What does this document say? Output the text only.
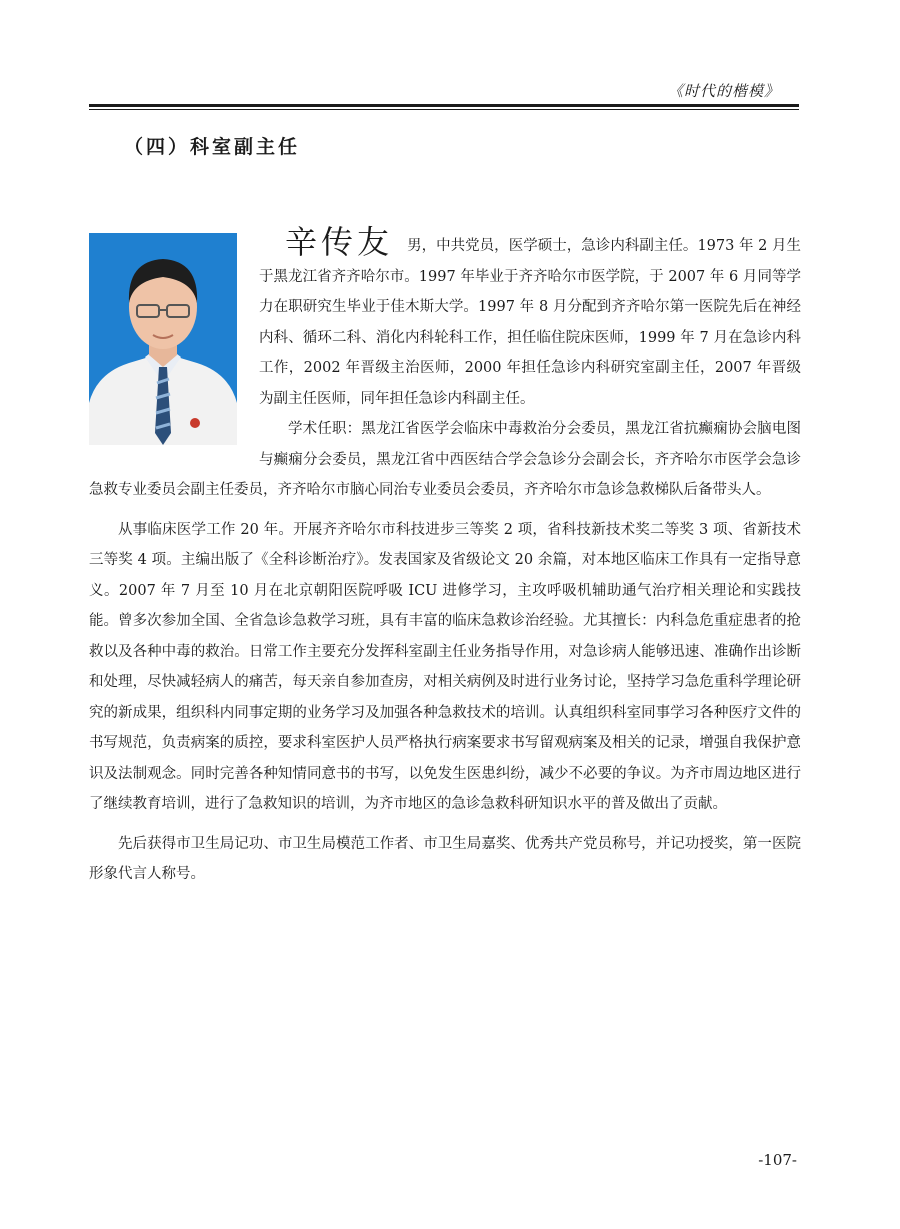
《时代的楷模》
（四）科室副主任

辛传友 男，中共党员，医学硕士，急诊内科副主任。1973 年 2 月生于黑龙江省齐齐哈尔市。1997 年毕业于齐齐哈尔市医学院，于 2007 年 6 月同等学力在职研究生毕业于佳木斯大学。1997 年 8 月分配到齐齐哈尔第一医院先后在神经内科、循环二科、消化内科轮科工作，担任临住院床医师，1999 年 7 月在急诊内科工作，2002 年晋级主治医师，2000 年担任急诊内科研究室副主任，2007 年晋级为副主任医师，同年担任急诊内科副主任。

学术任职：黑龙江省医学会临床中毒救治分会委员，黑龙江省抗癫痫协会脑电图与癫痫分会委员，黑龙江省中西医结合学会急诊分会副会长，齐齐哈尔市医学会急诊急救专业委员会副主任委员，齐齐哈尔市脑心同治专业委员会委员，齐齐哈尔市急诊急救梯队后备带头人。

从事临床医学工作 20 年。开展齐齐哈尔市科技进步三等奖 2 项，省科技新技术奖二等奖 3 项、省新技术三等奖 4 项。主编出版了《全科诊断治疗》。发表国家及省级论文 20 余篇，对本地区临床工作具有一定指导意义。2007 年 7 月至 10 月在北京朝阳医院呼吸 ICU 进修学习，主攻呼吸机辅助通气治疗相关理论和实践技能。曾多次参加全国、全省急诊急救学习班，具有丰富的临床急救诊治经验。尤其擅长：内科急危重症患者的抢救以及各种中毒的救治。日常工作主要充分发挥科室副主任业务指导作用，对急诊病人能够迅速、准确作出诊断和处理，尽快减轻病人的痛苦，每天亲自参加查房，对相关病例及时进行业务讨论，坚持学习急危重科学理论研究的新成果，组织科内同事定期的业务学习及加强各种急救技术的培训。认真组织科室同事学习各种医疗文件的书写规范，负责病案的质控，要求科室医护人员严格执行病案要求书写留观病案及相关的记录，增强自我保护意识及法制观念。同时完善各种知情同意书的书写，以免发生医患纠纷，减少不必要的争议。为齐市周边地区进行了继续教育培训，进行了急救知识的培训，为齐市地区的急诊急救科研知识水平的普及做出了贡献。

先后获得市卫生局记功、市卫生局模范工作者、市卫生局嘉奖、优秀共产党员称号，并记功授奖，第一医院形象代言人称号。

-107-
